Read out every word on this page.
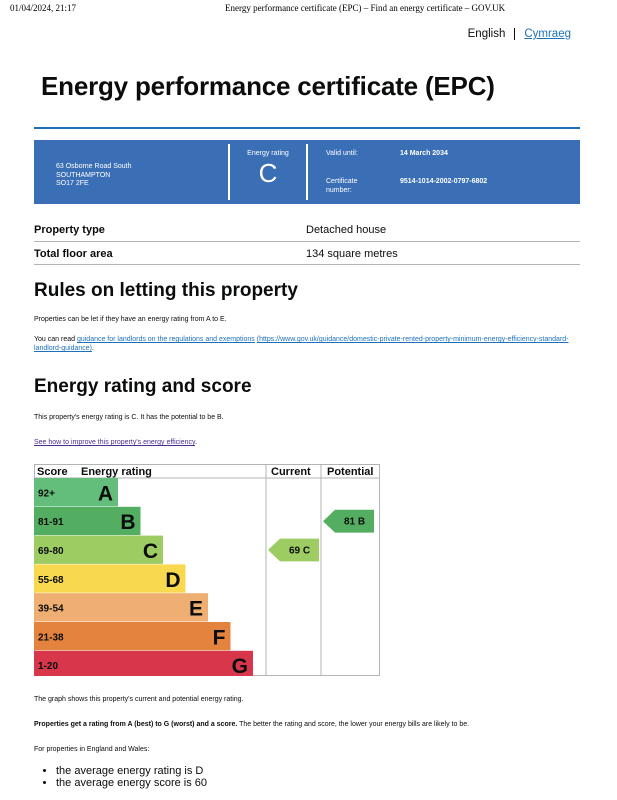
01/04/2024, 21:17	Energy performance certificate (EPC) – Find an energy certificate – GOV.UK
English Cymraeg
Energy performance certificate (EPC)
63 Osborne Road South
SOUTHAMPTON
SO17 2FE
Energy rating
C
Valid until:	14 March 2034
Certificate number:
9514-1014-2002-0797-6802
Property type	Detached house
Total floor area	134 square metres
Rules on letting this property
Properties can be let if they have an energy rating from A to E.
You can read guidance for landlords on the regulations and exemptions (https://www.gov.uk/guidance/domestic-private-rented-property-minimum-energy-efficiency-standard-landlord-guidance).
Energy rating and score
This property's energy rating is C. It has the potential to be B.
See how to improve this property's energy efficiency.
Score Energy rating	Current Potential
92+ A
81-91	B
69-80	C
55-68	D
39-54	E
21-38	F
1-20	G
69 C
81 B
The graph shows this property's current and potential energy rating.
Properties get a rating from A (best) to G (worst) and a score. The better the rating and score, the lower your energy bills are likely to be.
For properties in England and Wales:
• the average energy rating is D
• the average energy score is 60
